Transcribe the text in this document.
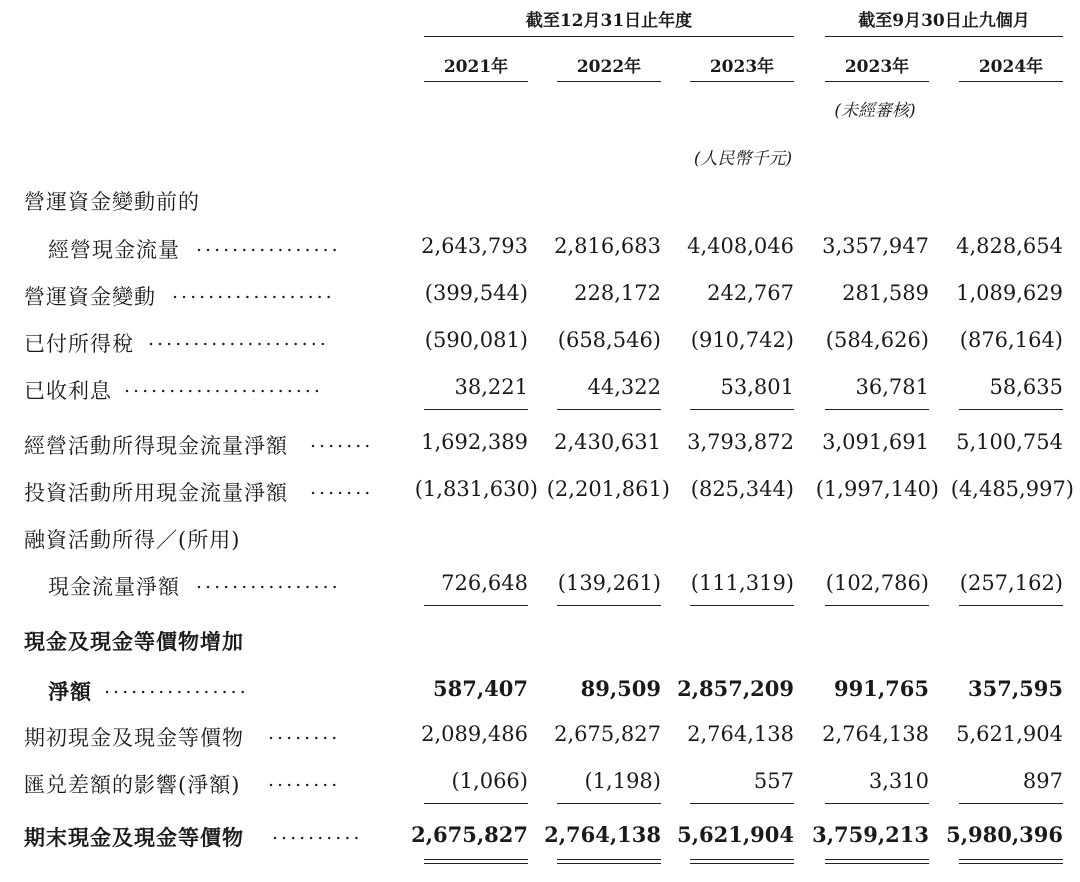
截至12月31日止年度	截至9月30日止九個月
2021年	2022年	2023年	2023年	2024年
(未經審核)
(人民幣千元)
營運資金變動前的
經營現金流量 ................	2,643,793	2,816,683	4,408,046	3,357,947	4,828,654
營運資金變動 ..................	(399,544)	228,172	242,767	281,589	1,089,629
已付所得稅 ....................	(590,081)	(658,546)	(910,742)	(584,626)	(876,164)
已收利息 ......................	38,221	44,322	53,801	36,781	58,635
經營活動所得現金流量淨額 .......	1,692,389	2,430,631	3,793,872	3,091,691	5,100,754
投資活動所用現金流量淨額 .......	(1,831,630) (2,201,861) (825,344)	(1,997,140) (4,485,997)
融資活動所得／(所用)
現金流量淨額 ................	726,648	(139,261)	(111,319)	(102,786)	(257,162)
現金及現金等價物增加
淨額 ................	587,407	89,509 2,857,209	991,765	357,595
期初現金及現金等價物 ........	2,089,486	2,675,827	2,764,138	2,764,138	5,621,904
匯兑差額的影響(淨額) ........	(1,066)	(1,198)	557	3,310	897
期末現金及現金等價物 ..........	2,675,827 2,764,138 5,621,904 3,759,213 5,980,396
